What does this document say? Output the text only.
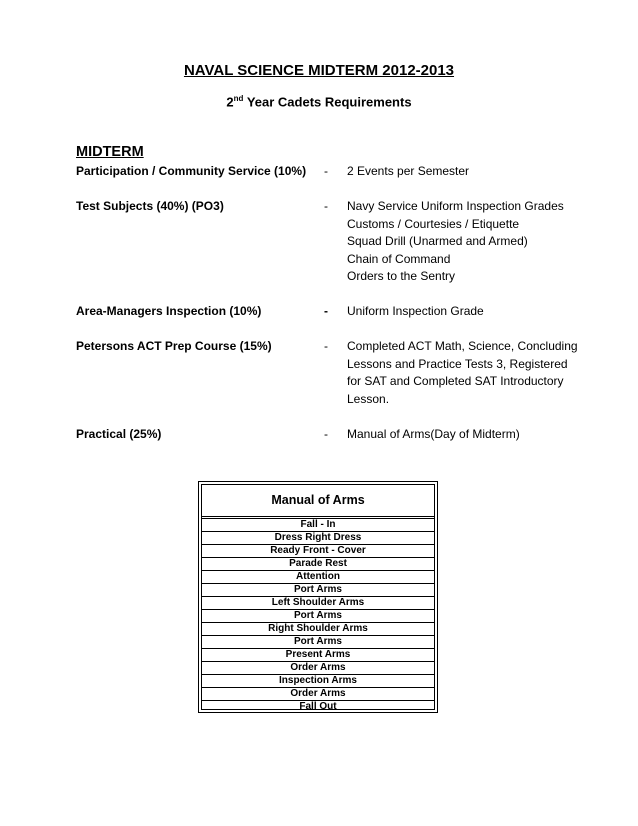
NAVAL SCIENCE MIDTERM 2012-2013
2nd Year Cadets Requirements
MIDTERM
Participation / Community Service (10%) - 2 Events per Semester
Test Subjects (40%) (PO3)	- Navy Service Uniform Inspection Grades
Customs / Courtesies / Etiquette
Squad Drill (Unarmed and Armed)
Chain of Command
Orders to the Sentry
Area-Managers Inspection (10%)	- Uniform Inspection Grade
Petersons ACT Prep Course (15%)	- Completed ACT Math, Science, Concluding
Lessons and Practice Tests 3, Registered
for SAT and Completed SAT Introductory
Lesson.
Practical (25%)	- Manual of Arms(Day of Midterm)
Manual of Arms
Fall - In
Dress Right Dress
Ready Front - Cover
Parade Rest
Attention
Port Arms
Left Shoulder Arms
Port Arms
Right Shoulder Arms
Port Arms
Present Arms
Order Arms
Inspection Arms
Order Arms
Fall Out
